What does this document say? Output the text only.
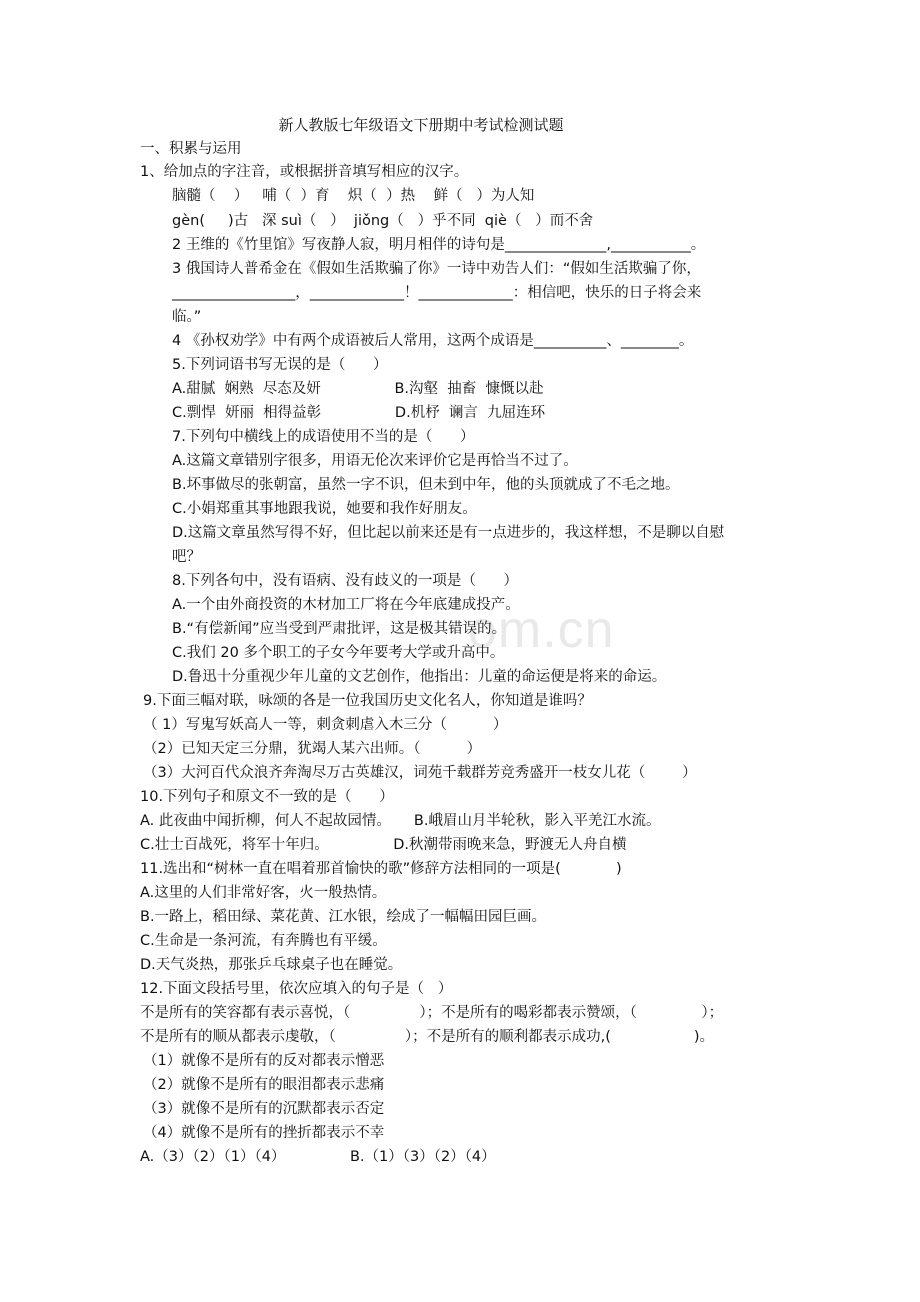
om.cn
新人教版七年级语文下册期中考试检测试题
一、积累与运用
1、给加点的字注音，或根据拼音填写相应的汉字。
脑髓（    ）   哺（  ）育    炽（  ）热    鲜（   ）为人知
gèn(     )古   深 suì（   ）  jiǒng（   ）乎不同  qiè（   ）而不舍
2 王维的《竹里馆》写夜静人寂，明月相伴的诗句是______________,___________。
3 俄国诗人普希金在《假如生活欺骗了你》一诗中劝告人们：“假如生活欺骗了你，
_________________，_____________！_____________：相信吧，快乐的日子将会来
临。”
4 《孙权劝学》中有两个成语被后人常用，这两个成语是__________、________。
5.下列词语书写无误的是（      ）
A.甜腻  娴熟  尽态及妍                B.沟壑  抽畜  慷慨以赴
C.剽悍  妍丽  相得益彰                D.机杼  谰言  九屈连环
7.下列句中横线上的成语使用不当的是（      ）
A.这篇文章错别字很多，用语无伦次来评价它是再恰当不过了。
B.坏事做尽的张朝富，虽然一字不识，但未到中年，他的头顶就成了不毛之地。
C.小娟郑重其事地跟我说，她要和我作好朋友。
D.这篇文章虽然写得不好，但比起以前来还是有一点进步的，我这样想，不是聊以自慰
吧？
8.下列各句中，没有语病、没有歧义的一项是（      ）
A.一个由外商投资的木材加工厂将在今年底建成投产。
B.“有偿新闻”应当受到严肃批评，这是极其错误的。
C.我们 20 多个职工的子女今年要考大学或升高中。
D.鲁迅十分重视少年儿童的文艺创作，他指出：儿童的命运便是将来的命运。
9.下面三幅对联，咏颂的各是一位我国历史文化名人，你知道是谁吗？
（ 1）写鬼写妖高人一等，刺贪刺虐入木三分（          ）
（2）已知天定三分鼎，犹竭人某六出师。（          ）
（3）大河百代众浪齐奔淘尽万古英雄汉，词苑千载群芳竞秀盛开一枝女儿花（        ）
10.下列句子和原文不一致的是（      ）
A. 此夜曲中闻折柳，何人不起故园情。     B.峨眉山月半轮秋，影入平羌江水流。
C.壮士百战死，将军十年归。              D.秋潮带雨晚来急，野渡无人舟自横
11.选出和“树林一直在唱着那首愉快的歌”修辞方法相同的一项是(            )
A.这里的人们非常好客，火一般热情。
B.一路上，稻田绿、菜花黄、江水银，绘成了一幅幅田园巨画。
C.生命是一条河流，有奔腾也有平缓。
D.天气炎热，那张乒乓球桌子也在睡觉。
12.下面文段括号里，依次应填入的句子是（   ）
不是所有的笑容都有表示喜悦，（               ）；不是所有的喝彩都表示赞颂，（              ）；
不是所有的顺从都表示虔敬，（               ）；不是所有的顺利都表示成功,(                  )。
（1）就像不是所有的反对都表示憎恶
（2）就像不是所有的眼泪都表示悲痛
（3）就像不是所有的沉默都表示否定
（4）就像不是所有的挫折都表示不幸
A.（3）（2）（1）（4）              B.（1）（3）（2）（4）
